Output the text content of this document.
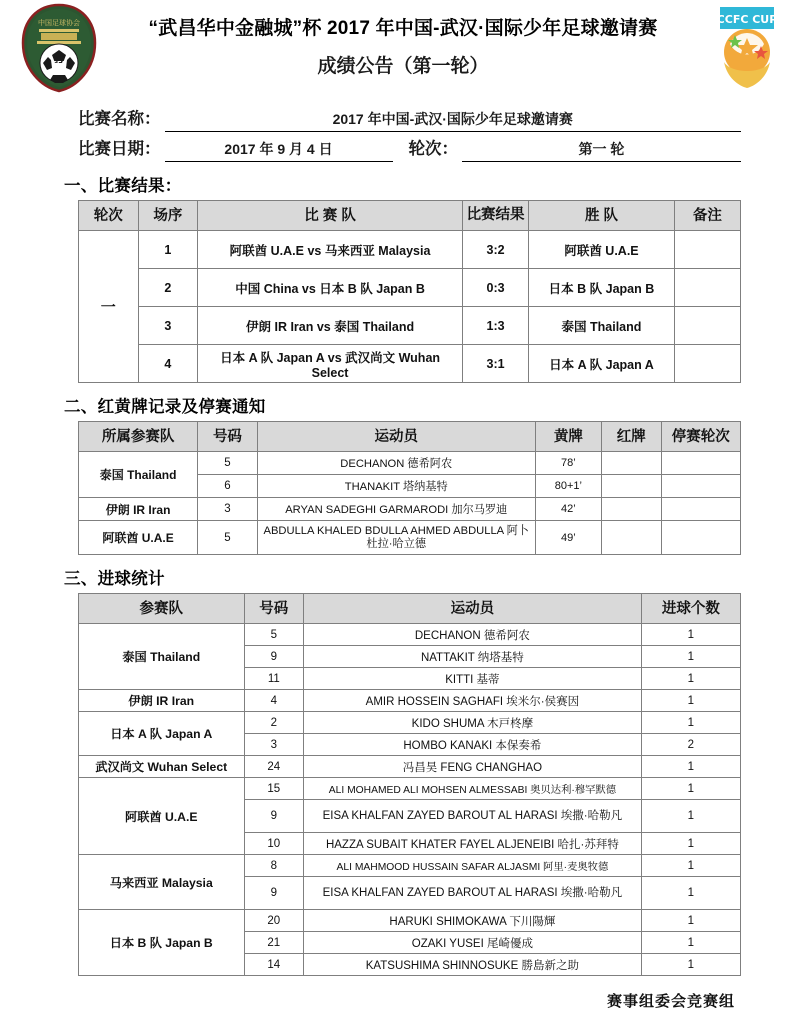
中国足球协会
CFA
“武昌华中金融城”杯 2017 年中国-武汉·国际少年足球邀请赛
成绩公告（第一轮）
CCFC CUP
比赛名称：	2017 年中国-武汉·国际少年足球邀请赛
比赛日期：	2017 年 9 月 4 日	轮次：	第一 轮
一、比赛结果：
轮次	场序	比 赛 队	比赛结果	胜 队	备注
一	1	阿联酋 U.A.E vs 马来西亚 Malaysia	3:2	阿联酋 U.A.E	
	2	中国 China vs 日本 B 队 Japan B	0:3	日本 B 队 Japan B	
	3	伊朗 IR Iran vs 泰国 Thailand	1:3	泰国 Thailand	
	4	日本 A 队 Japan A vs 武汉尚文 Wuhan Select	3:1	日本 A 队 Japan A	
二、红黄牌记录及停赛通知
所属参赛队	号码	运动员	黄牌	红牌	停赛轮次
泰国 Thailand	5	DECHANON 德希阿农	78’		
	6	THANAKIT 塔纳基特	80+1’		
伊朗 IR Iran	3	ARYAN SADEGHI GARMARODI 加尔马罗迪	42’		
阿联酋 U.A.E	5	ABDULLA KHALED BDULLA AHMED ABDULLA 阿卜杜拉·哈立德	49’		
三、进球统计
参赛队	号码	运动员	进球个数
泰国 Thailand	5	DECHANON 德希阿农	1
	9	NATTAKIT 纳塔基特	1
	11	KITTI 基蒂	1
伊朗 IR Iran	4	AMIR HOSSEIN SAGHAFI 埃米尔·侯赛因	1
日本 A 队 Japan A	2	KIDO SHUMA 木戸柊摩	1
	3	HOMBO KANAKI 本保奏希	2
武汉尚文 Wuhan Select	24	冯昌昊 FENG CHANGHAO	1
阿联酋 U.A.E	15	ALI MOHAMED ALI MOHSEN ALMESSABI 奥贝达利·穆罕默德	1
	9	EISA KHALFAN ZAYED BAROUT AL HARASI 埃撒·哈勒凡	1
	10	HAZZA SUBAIT KHATER FAYEL ALJENEIBI 哈扎·苏拜特	1
马来西亚 Malaysia	8	ALI MAHMOOD HUSSAIN SAFAR ALJASMI 阿里·麦奥牧德	1
	9	EISA KHALFAN ZAYED BAROUT AL HARASI 埃撒·哈勒凡	1
日本 B 队 Japan B	20	HARUKI SHIMOKAWA 下川陽輝	1
	21	OZAKI YUSEI 尾崎優成	1
	14	KATSUSHIMA SHINNOSUKE 勝島新之助	1
赛事组委会竞赛组
